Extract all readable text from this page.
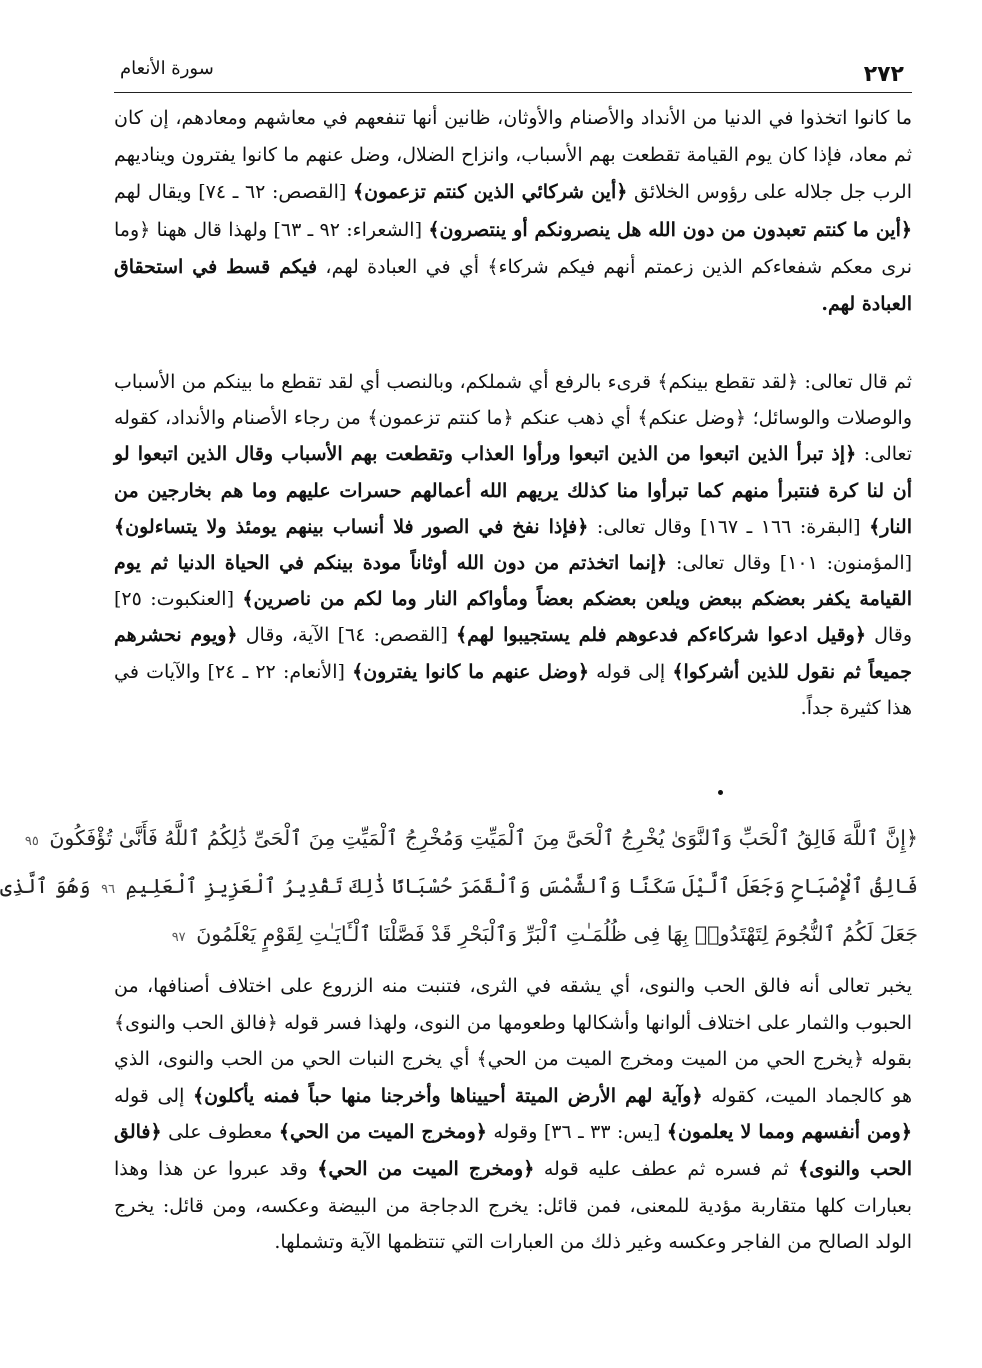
٢٧٢
سورة الأنعام

ما كانوا اتخذوا في الدنيا من الأنداد والأصنام والأوثان، ظانين أنها تنفعهم في معاشهم ومعادهم، إن كان ثم معاد، فإذا كان يوم القيامة تقطعت بهم الأسباب، وانزاح الضلال، وضل عنهم ما كانوا يفترون ويناديهم الرب جل جلاله على رؤوس الخلائق ﴿أين شركائي الذين كنتم تزعمون﴾ [القصص: ٦٢ ـ ٧٤] ويقال لهم ﴿أين ما كنتم تعبدون من دون الله هل ينصرونكم أو ينتصرون﴾ [الشعراء: ٩٢ ـ ٦٣] ولهذا قال ههنا ﴿وما نرى معكم شفعاءكم الذين زعمتم أنهم فيكم شركاء﴾ أي في العبادة لهم، فيكم قسط في استحقاق العبادة لهم.

ثم قال تعالى: ﴿لقد تقطع بينكم﴾ قرىء بالرفع أي شملكم، وبالنصب أي لقد تقطع ما بينكم من الأسباب والوصلات والوسائل؛ ﴿وضل عنكم﴾ أي ذهب عنكم ﴿ما كنتم تزعمون﴾ من رجاء الأصنام والأنداد، كقوله تعالى: ﴿إذ تبرأ الذين اتبعوا من الذين اتبعوا ورأوا العذاب وتقطعت بهم الأسباب وقال الذين اتبعوا لو أن لنا كرة فنتبرأ منهم كما تبرأوا منا كذلك يريهم الله أعمالهم حسرات عليهم وما هم بخارجين من النار﴾ [البقرة: ١٦٦ ـ ١٦٧] وقال تعالى: ﴿فإذا نفخ في الصور فلا أنساب بينهم يومئذ ولا يتساءلون﴾ [المؤمنون: ١٠١] وقال تعالى: ﴿إنما اتخذتم من دون الله أوثاناً مودة بينكم في الحياة الدنيا ثم يوم القيامة يكفر بعضكم ببعض ويلعن بعضكم بعضاً ومأواكم النار وما لكم من ناصرين﴾ [العنكبوت: ٢٥] وقال ﴿وقيل ادعوا شركاءكم فدعوهم فلم يستجيبوا لهم﴾ [القصص: ٦٤] الآية، وقال ﴿ويوم نحشرهم جميعاً ثم نقول للذين أشركوا﴾ إلى قوله ﴿وضل عنهم ما كانوا يفترون﴾ [الأنعام: ٢٢ ـ ٢٤] والآيات في هذا كثيرة جداً.

﴿إِنَّ ٱللَّهَ فَالِقُ ٱلْحَبِّ وَٱلنَّوَىٰ يُخْرِجُ ٱلْحَىَّ مِنَ ٱلْمَيِّتِ وَمُخْرِجُ ٱلْمَيِّتِ مِنَ ٱلْحَىِّ ذَٰلِكُمُ ٱللَّهُ فَأَنَّىٰ تُؤْفَكُونَ ٩٥
فَالِقُ ٱلْإِصْبَاحِ وَجَعَلَ ٱلَّيْلَ سَكَنًا وَٱلشَّمْسَ وَٱلْقَمَرَ حُسْبَانًا ذَٰلِكَ تَقْدِيرُ ٱلْعَزِيزِ ٱلْعَلِيمِ ٩٦ وَهُوَ ٱلَّذِى
جَعَلَ لَكُمُ ٱلنُّجُومَ لِتَهْتَدُوا۟ بِهَا فِى ظُلُمَـٰتِ ٱلْبَرِّ وَٱلْبَحْرِ قَدْ فَصَّلْنَا ٱلْـَٔايَـٰتِ لِقَوْمٍ يَعْلَمُونَ ٩٧

يخبر تعالى أنه فالق الحب والنوى، أي يشقه في الثرى، فتنبت منه الزروع على اختلاف أصنافها، من الحبوب والثمار على اختلاف ألوانها وأشكالها وطعومها من النوى، ولهذا فسر قوله ﴿فالق الحب والنوى﴾ بقوله ﴿يخرج الحي من الميت ومخرج الميت من الحي﴾ أي يخرج النبات الحي من الحب والنوى، الذي هو كالجماد الميت، كقوله ﴿وآية لهم الأرض الميتة أحييناها وأخرجنا منها حباً فمنه يأكلون﴾ إلى قوله ﴿ومن أنفسهم ومما لا يعلمون﴾ [يس: ٣٣ ـ ٣٦] وقوله ﴿ومخرج الميت من الحي﴾ معطوف على ﴿فالق الحب والنوى﴾ ثم فسره ثم عطف عليه قوله ﴿ومخرج الميت من الحي﴾ وقد عبروا عن هذا وهذا بعبارات كلها متقاربة مؤدية للمعنى، فمن قائل: يخرج الدجاجة من البيضة وعكسه، ومن قائل: يخرج الولد الصالح من الفاجر وعكسه وغير ذلك من العبارات التي تنتظمها الآية وتشملها.
